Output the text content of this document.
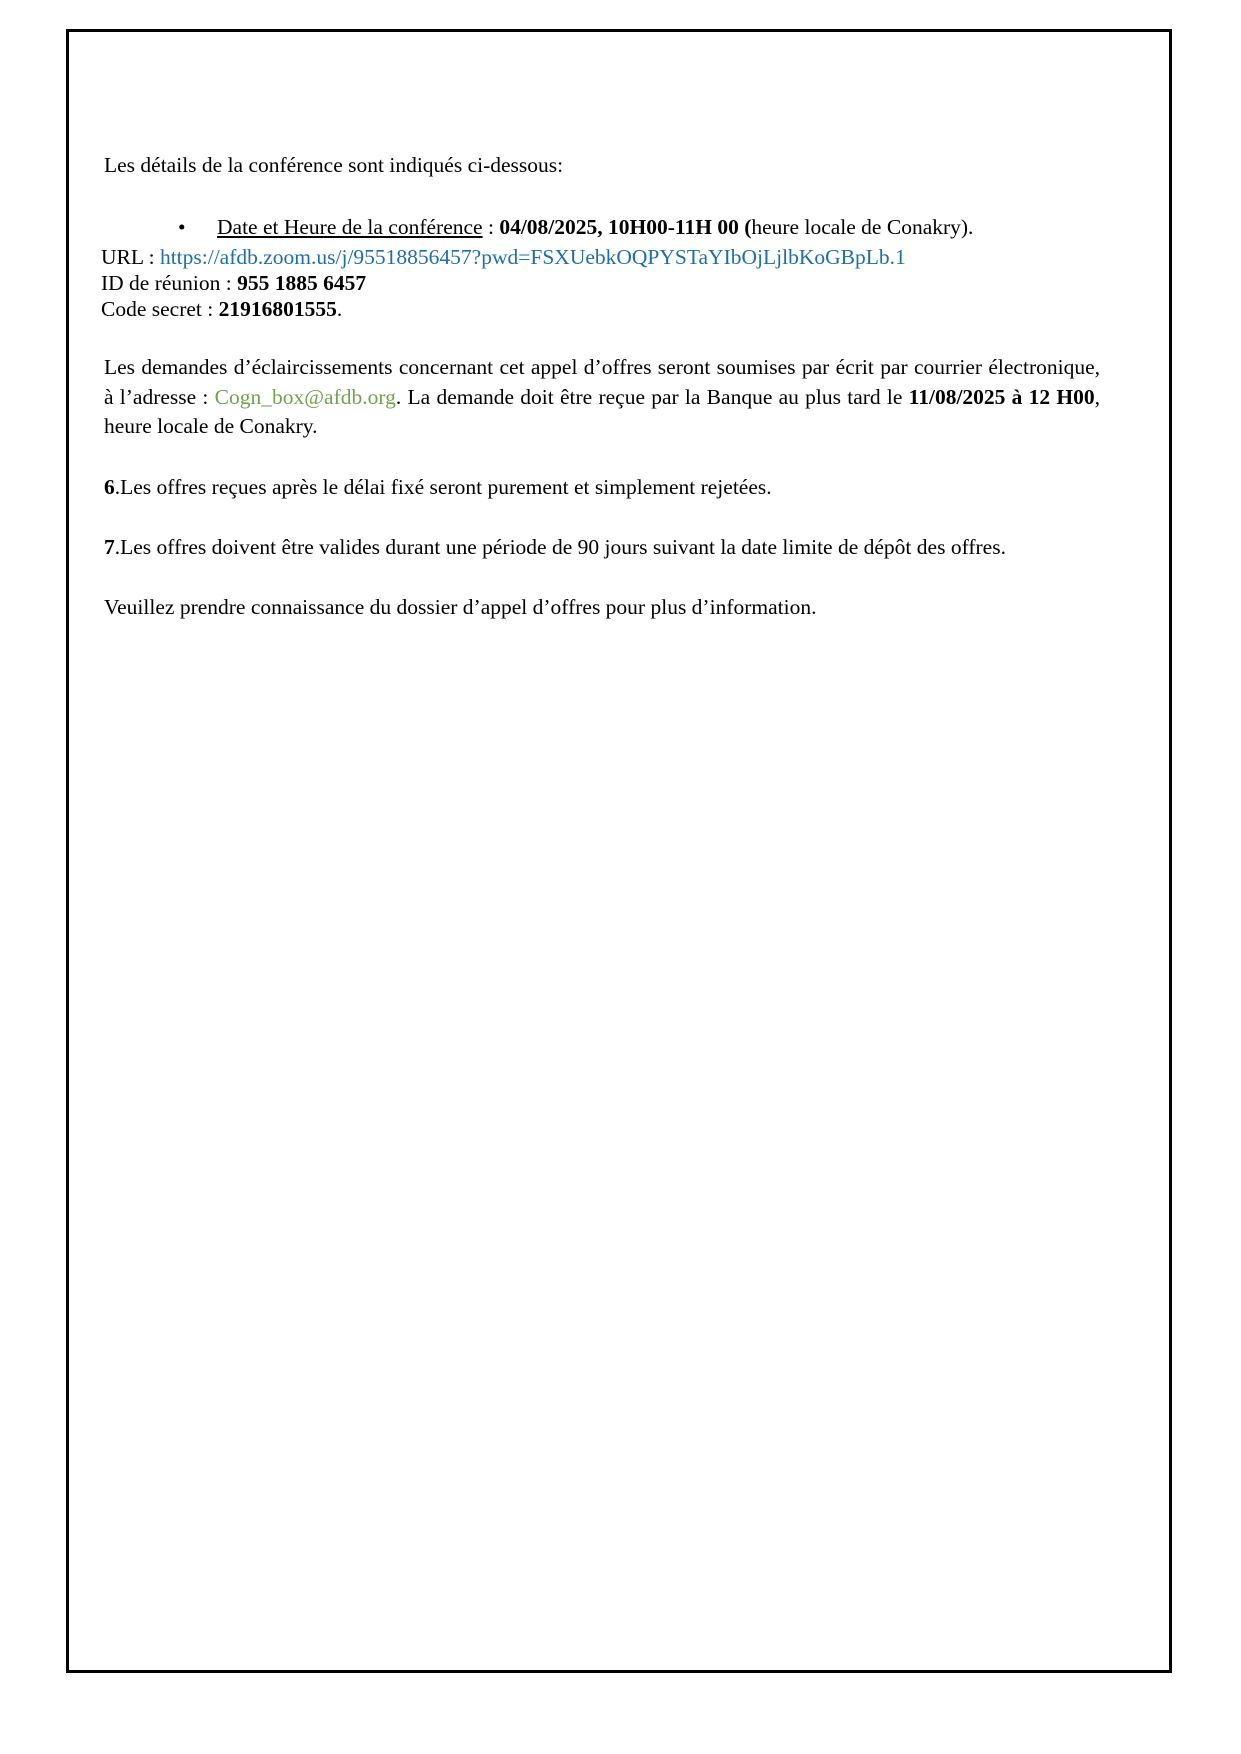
Les détails de la conférence sont indiqués ci-dessous:
• Date et Heure de la conférence : 04/08/2025, 10H00-11H 00 (heure locale de Conakry).
URL : https://afdb.zoom.us/j/95518856457?pwd=FSXUebkOQPYSTaYIbOjLjlbKoGBpLb.1
ID de réunion : 955 1885 6457
Code secret : 21916801555.
Les demandes d’éclaircissements concernant cet appel d’offres seront soumises par écrit par courrier électronique, à l’adresse : Cogn_box@afdb.org. La demande doit être reçue par la Banque au plus tard le 11/08/2025 à 12 H00, heure locale de Conakry.
6.Les offres reçues après le délai fixé seront purement et simplement rejetées.
7.Les offres doivent être valides durant une période de 90 jours suivant la date limite de dépôt des offres.
Veuillez prendre connaissance du dossier d’appel d’offres pour plus d’information.
